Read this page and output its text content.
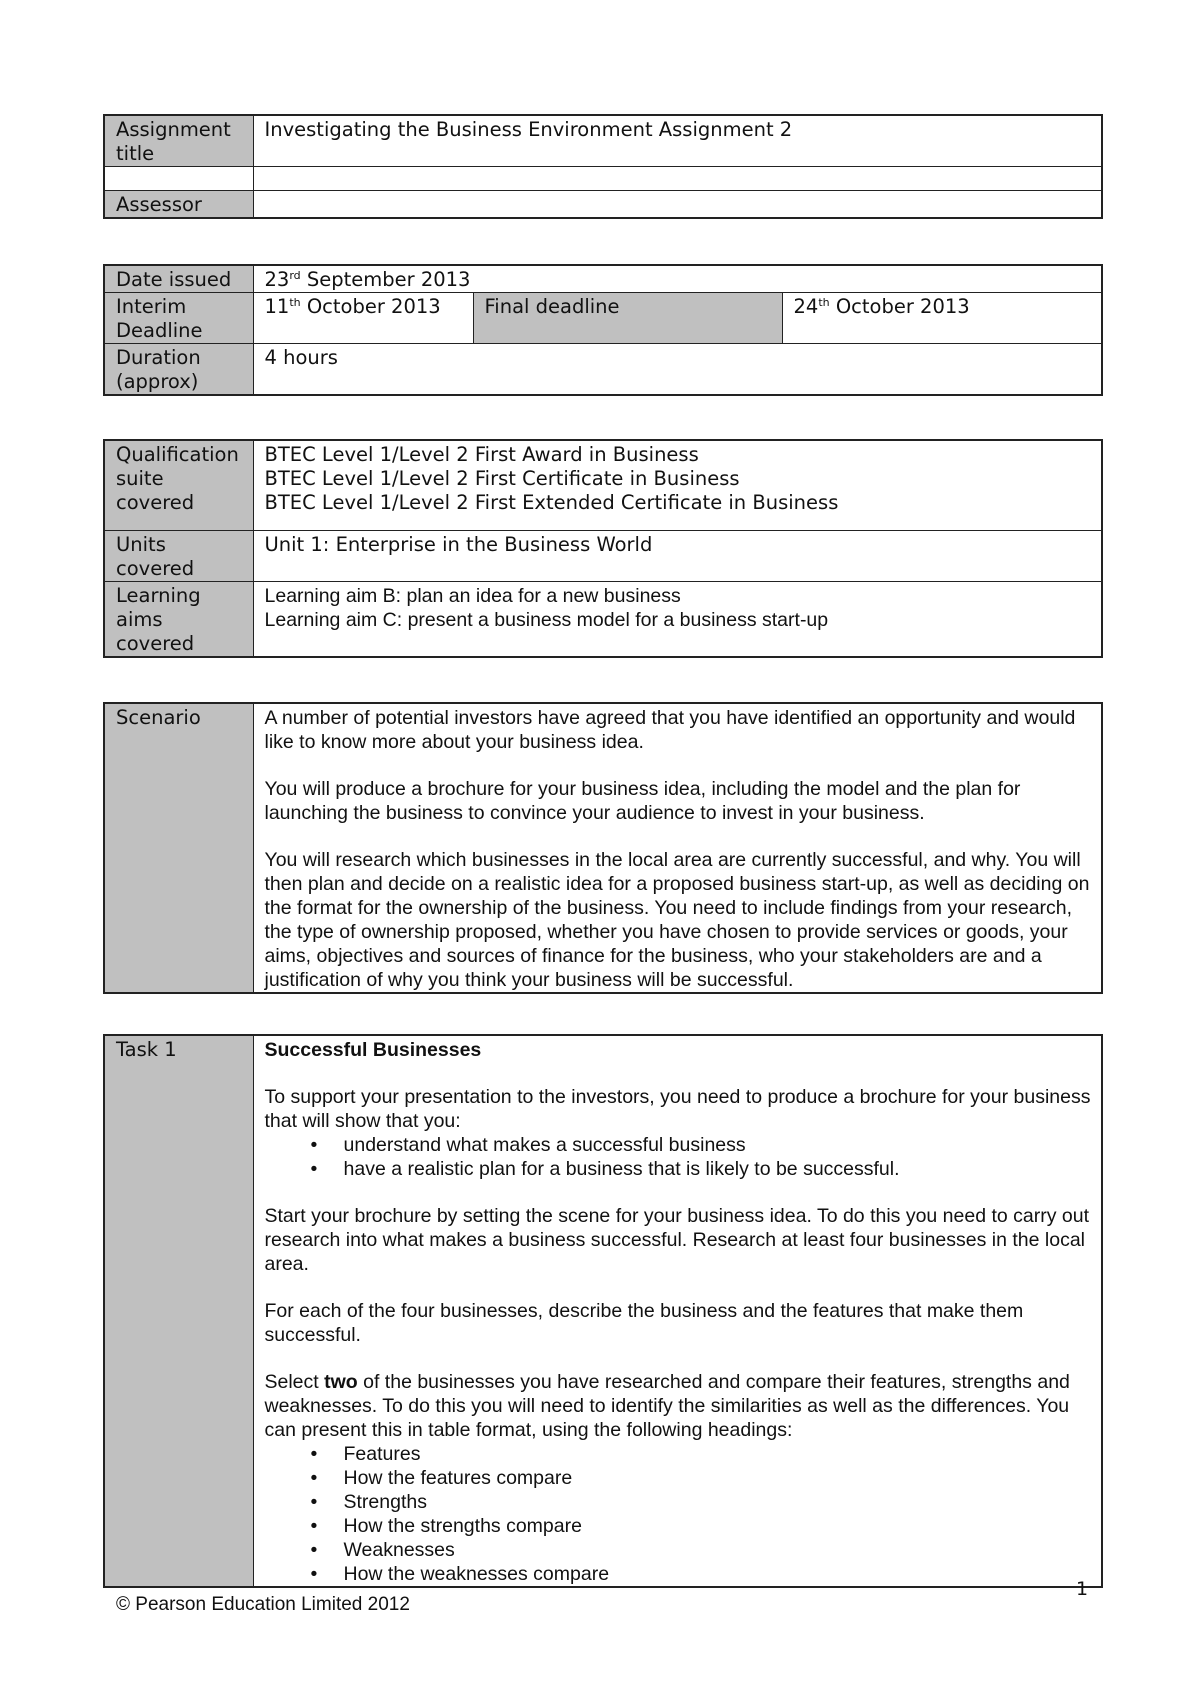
Assignment title	Investigating the Business Environment Assignment 2

Assessor	
Date issued	23rd September 2013		
Interim Deadline	11th October 2013	Final deadline	24th October 2013
Duration (approx)	4 hours		
Qualification suite covered	BTEC Level 1/Level 2 First Award in Business
BTEC Level 1/Level 2 First Certificate in Business
BTEC Level 1/Level 2 First Extended Certificate in Business

Units covered	Unit 1: Enterprise in the Business World
Learning aims covered	Learning aim B: plan an idea for a new business
Learning aim C: present a business model for a business start-up
Scenario	A number of potential investors have agreed that you have identified an opportunity and would like to know more about your business idea.

You will produce a brochure for your business idea, including the model and the plan for launching the business to convince your audience to invest in your business.

You will research which businesses in the local area are currently successful, and why. You will then plan and decide on a realistic idea for a proposed business start-up, as well as deciding on the format for the ownership of the business. You need to include findings from your research, the type of ownership proposed, whether you have chosen to provide services or goods, your aims, objectives and sources of finance for the business, who your stakeholders are and a justification of why you think your business will be successful.

Task 1	Successful Businesses
To support your presentation to the investors, you need to produce a brochure for your business that will show that you:
• understand what makes a successful business
• have a realistic plan for a business that is likely to be successful.
Start your brochure by setting the scene for your business idea. To do this you need to carry out research into what makes a business successful. Research at least four businesses in the local area.
For each of the four businesses, describe the business and the features that make them successful.
Select two of the businesses you have researched and compare their features, strengths and weaknesses. To do this you will need to identify the similarities as well as the differences. You can present this in table format, using the following headings:
• Features
• How the features compare
• Strengths
• How the strengths compare
• Weaknesses
• How the weaknesses compare
© Pearson Education Limited 2012
1
